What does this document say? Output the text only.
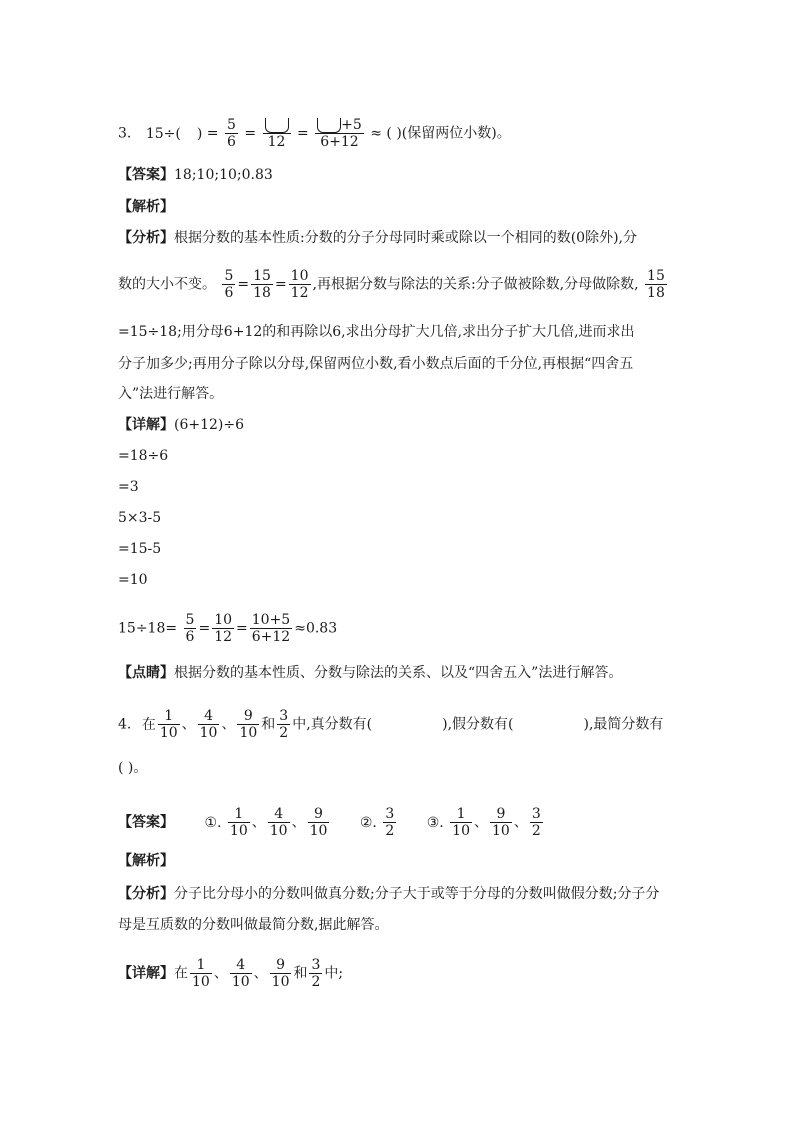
3. 15÷( ) = $\frac{5}{6}$ =
12
= $\frac{+5}{6+12}$ ≈ ( )(保留两位小数)。
【答案】18;10;10;0.83
【解析】
【分析】根据分数的基本性质:分数的分子分母同时乘或除以一个相同的数(0除外),分
数的大小不变。 $\frac{5}{6} = \frac{15}{18} = \frac{10}{12}$ ,再根据分数与除法的关系:分子做被除数,分母做除数, $\frac{15}{18}$
=15÷18;用分母6+12的和再除以6,求出分母扩大几倍,求出分子扩大几倍,进而求出
分子加多少;再用分子除以分母,保留两位小数,看小数点后面的千分位,再根据“四舍五
入”法进行解答。
【详解】(6+12)÷6
=18÷6
=3
5×3-5
=15-5
=10
$15\div 18= \frac{5}{6} = \frac{10}{12} = \frac{10+5}{6+12} \approx 0.83$
【点睛】根据分数的基本性质、分数与除法的关系、以及“四舍五入”法进行解答。
4. 在 $\frac{1}{10}$ 、 $\frac{4}{10}$ 、 $\frac{9}{10}$ 和 $\frac{3}{2}$ 中,真分数有(	),假分数有(	),最简分数有
( )。
【答案】 ①. $\frac{1}{10}$ 、 $\frac{4}{10}$ 、 $\frac{9}{10}$ ②. $\frac{3}{2}$ ③. $\frac{1}{10}$ 、 $\frac{9}{10}$ 、 $\frac{3}{2}$
【解析】
【分析】分子比分母小的分数叫做真分数;分子大于或等于分母的分数叫做假分数;分子分
母是互质数的分数叫做最简分数,据此解答。
【详解】在 $\frac{1}{10}$ 、 $\frac{4}{10}$ 、 $\frac{9}{10}$ 和 $\frac{3}{2}$ 中;
